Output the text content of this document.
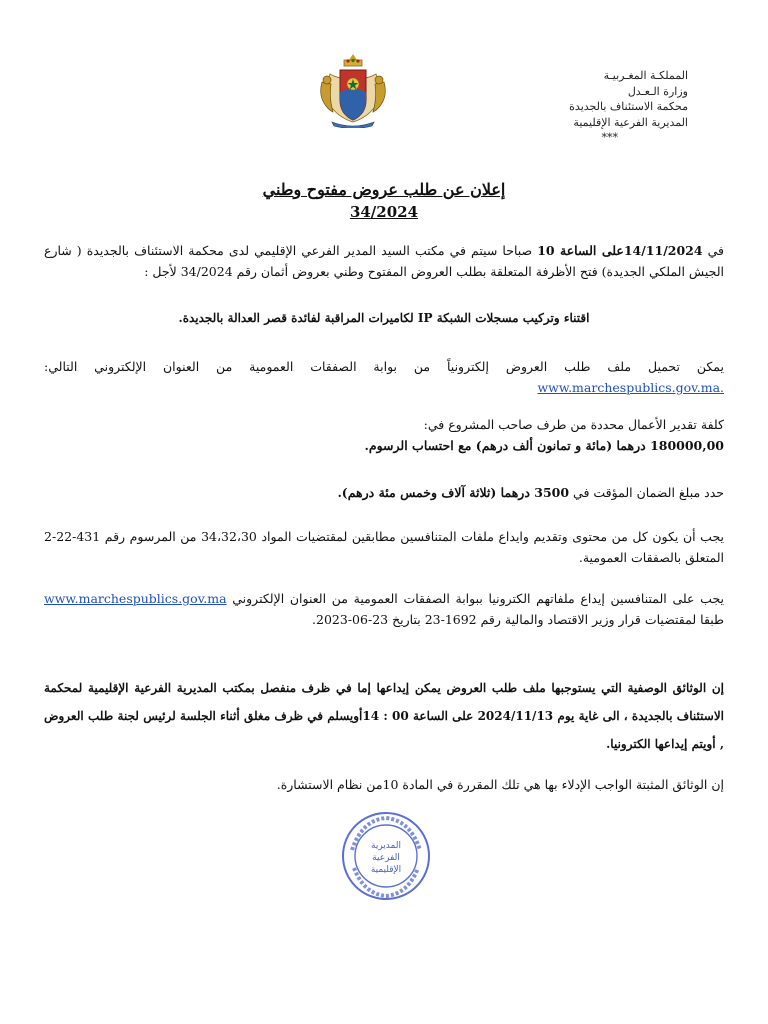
المملكـة المغـربيـة
وزارة الـعـدل
محكمة الاستئناف بالجديدة
المديرية الفرعية الإقليمية
***
إعلان عن طلب عروض مفتوح وطني
34/2024
في 14/11/2024على الساعة 10 صباحا سيتم في مكتب السيد المدير الفرعي الإقليمي لدى محكمة الاستئناف بالجديدة ( شارع الجيش الملكي الجديدة) فتح الأظرفة المتعلقة بطلب العروض المفتوح وطني بعروض أثمان رقم 34/2024 لأجل :
اقتناء وتركيب مسجلات الشبكة IP لكاميرات المراقبة لفائدة قصر العدالة بالجديدة.
يمكن تحميل ملف طلب العروض إلكترونياً من بوابة الصفقات العمومية من العنوان الإلكتروني التالي:
www.marchespublics.gov.ma.
كلفة تقدير الأعمال محددة من طرف صاحب المشروع في:
180000,00 درهما (مائة و تمانون ألف درهم) مع احتساب الرسوم.
حدد مبلغ الضمان المؤقت في 3500 درهما (ثلاثة آلاف وخمس مئة درهم).
يجب أن يكون كل من محتوى وتقديم وايداع ملفات المتنافسين مطابقين لمقتضيات المواد 34،32،30 من المرسوم رقم 431-22-2 المتعلق بالصفقات العمومية.
يجب على المتنافسين إيداع ملفاتهم الكترونيا ببوابة الصفقات العمومية من العنوان الإلكتروني www.marchespublics.gov.ma طبقا لمقتضيات قرار وزير الاقتصاد والمالية رقم 1692-23 بتاريخ 23-06-2023.
إن الوثائق الوصفية التي يستوجبها ملف طلب العروض يمكن إيداعها إما في ظرف منفصل بمكتب المديرية الفرعية الإقليمية لمحكمة الاستئناف بالجديدة ، الى غاية يوم 2024/11/13 على الساعة 00 : 14أويسلم في ظرف مغلق أثناء الجلسة لرئيس لجنة طلب العروض , أويتم إيداعها الكترونيا.
إن الوثائق المثبتة الواجب الإدلاء بها هي تلك المقررة في المادة 10من نظام الاستشارة.
المديرية
الفرعية
الإقليمية
